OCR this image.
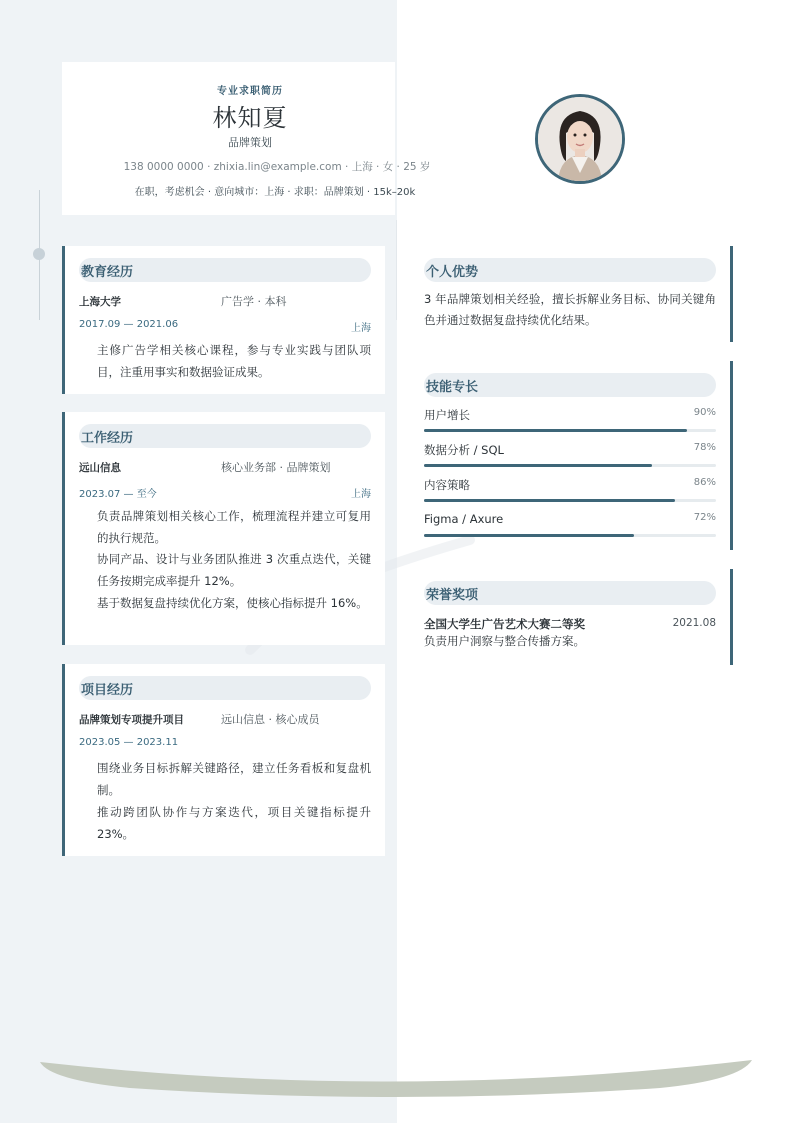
专业求职简历
林知夏
品牌策划
138 0000 0000 · zhixia.lin@example.com · 上海 · 女 · 25 岁
在职，考虑机会 · 意向城市：上海 · 求职：品牌策划 · 15k–20k
教育经历
上海大学	广告学 · 本科
2017.09 — 2021.06	上海
主修广告学相关核心课程，参与专业实践与团队项目，注重用事实和数据验证成果。
工作经历
远山信息	核心业务部 · 品牌策划
2023.07 — 至今	上海
负责品牌策划相关核心工作，梳理流程并建立可复用的执行规范。
协同产品、设计与业务团队推进 3 次重点迭代，关键任务按期完成率提升 12%。
基于数据复盘持续优化方案，使核心指标提升 16%。
项目经历
品牌策划专项提升项目	远山信息 · 核心成员
2023.05 — 2023.11
围绕业务目标拆解关键路径，建立任务看板和复盘机制。
推动跨团队协作与方案迭代，项目关键指标提升 23%。
个人优势
3 年品牌策划相关经验，擅长拆解业务目标、协同关键角色并通过数据复盘持续优化结果。
技能专长
用户增长	90%
数据分析 / SQL	78%
内容策略	86%
Figma / Axure	72%
荣誉奖项
全国大学生广告艺术大赛二等奖	2021.08
负责用户洞察与整合传播方案。
